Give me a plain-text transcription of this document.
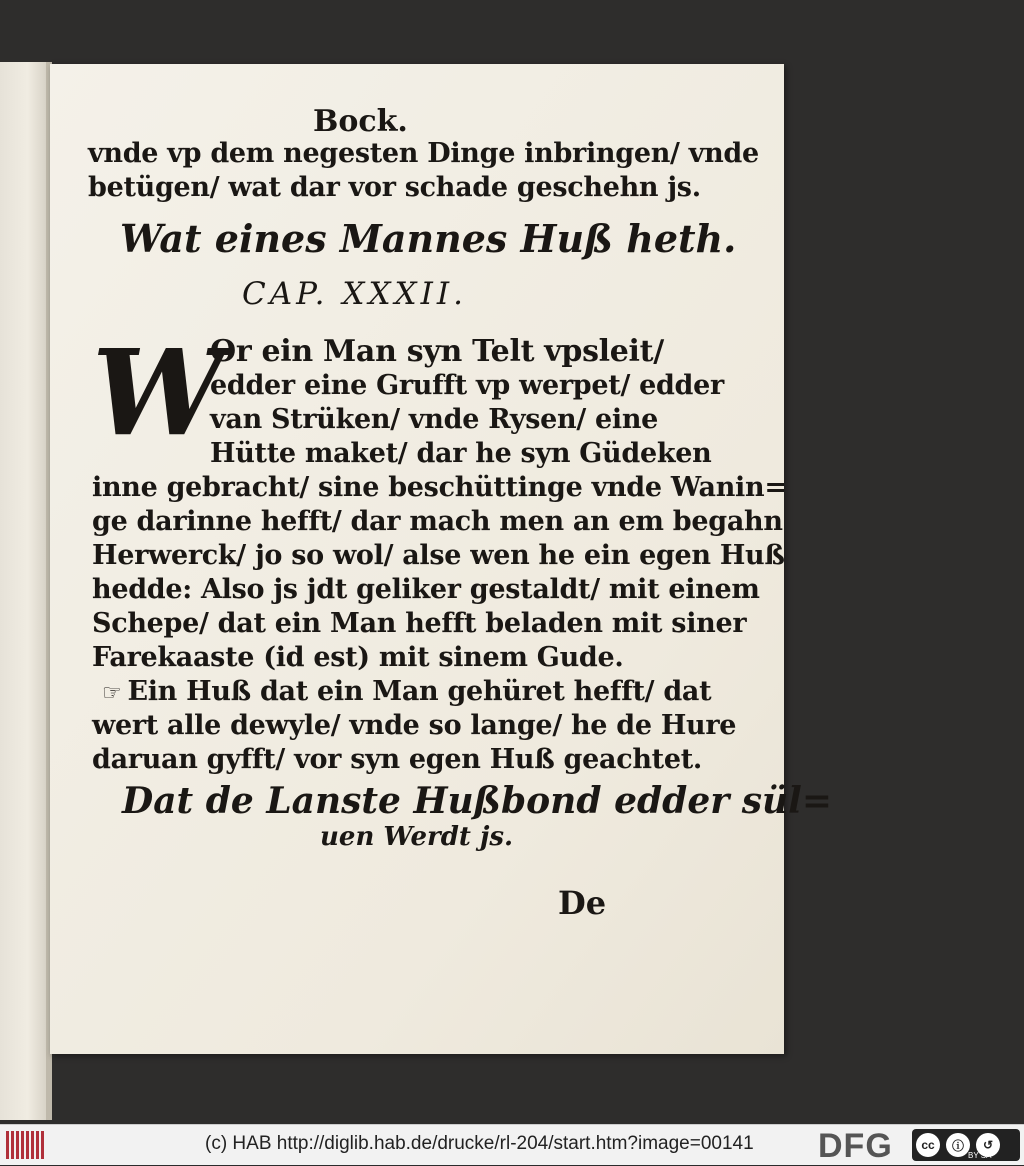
Bock.
vnde vp dem negesten Dinge inbringen/ vnde
betügen/ wat dar vor schade geschehn js.
Wat eines Mannes Huß heth.
CAP. XXXII.
W
Or ein Man syn Telt vpsleit/
edder eine Grufft vp werpet/ edder
van Strüken/ vnde Rysen/ eine
Hütte maket/ dar he syn Güdeken
inne gebracht/ sine beschüttinge vnde Wanin=
ge darinne hefft/ dar mach men an em begahn
Herwerck/ jo so wol/ alse wen he ein egen Huß
hedde: Also js jdt geliker gestaldt/ mit einem
Schepe/ dat ein Man hefft beladen mit siner
Farekaaste (id est) mit sinem Gude.
☞ Ein Huß dat ein Man gehüret hefft/ dat
wert alle dewyle/ vnde so lange/ he de Hure
daruan gyfft/ vor syn egen Huß geachtet.
Dat de Lanste Hußbond edder sül=
uen Werdt js.
De
(c) HAB http://diglib.hab.de/drucke/rl-204/start.htm?image=00141 DFG	cc	ⓘ	↺
BY SA
